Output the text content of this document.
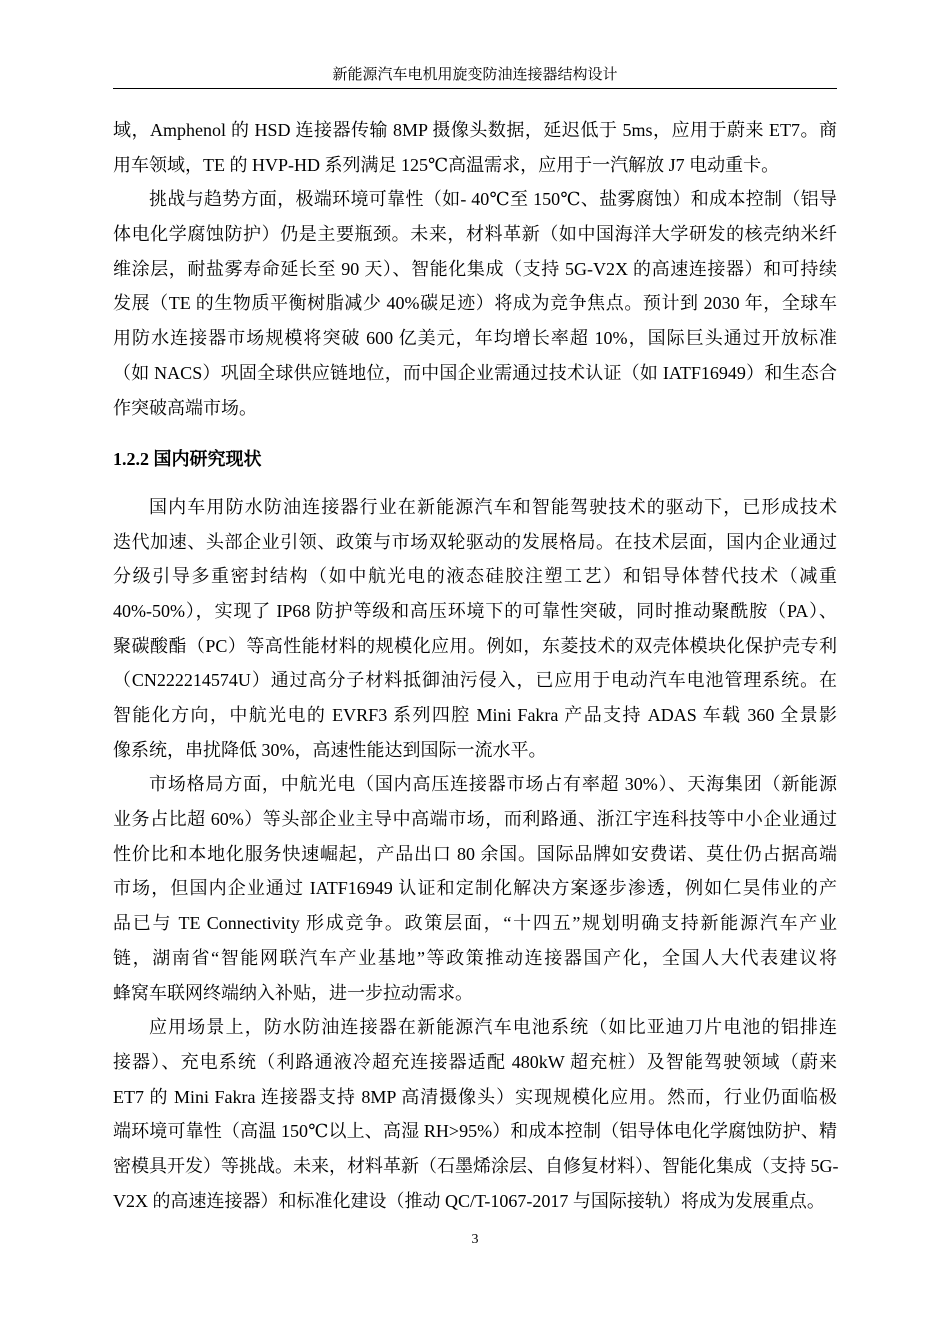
新能源汽车电机用旋变防油连接器结构设计
域，Amphenol 的 HSD 连接器传输 8MP 摄像头数据，延迟低于 5ms，应用于蔚来 ET7。商
用车领域，TE 的 HVP-HD 系列满足 125℃高温需求，应用于一汽解放 J7 电动重卡。
挑战与趋势方面，极端环境可靠性（如- 40℃至 150℃、盐雾腐蚀）和成本控制（铝导
体电化学腐蚀防护）仍是主要瓶颈。未来，材料革新（如中国海洋大学研发的核壳纳米纤
维涂层，耐盐雾寿命延长至 90 天）、智能化集成（支持 5G-V2X 的高速连接器）和可持续
发展（TE 的生物质平衡树脂减少 40%碳足迹）将成为竞争焦点。预计到 2030 年，全球车
用防水连接器市场规模将突破 600 亿美元，年均增长率超 10%，国际巨头通过开放标准
（如 NACS）巩固全球供应链地位，而中国企业需通过技术认证（如 IATF16949）和生态合
作突破高端市场。
1.2.2 国内研究现状
国内车用防水防油连接器行业在新能源汽车和智能驾驶技术的驱动下，已形成技术
迭代加速、头部企业引领、政策与市场双轮驱动的发展格局。在技术层面，国内企业通过
分级引导多重密封结构（如中航光电的液态硅胶注塑工艺）和铝导体替代技术（减重
40%-50%），实现了 IP68 防护等级和高压环境下的可靠性突破，同时推动聚酰胺（PA）、
聚碳酸酯（PC）等高性能材料的规模化应用。例如，东菱技术的双壳体模块化保护壳专利
（CN222214574U）通过高分子材料抵御油污侵入，已应用于电动汽车电池管理系统。在
智能化方向，中航光电的 EVRF3 系列四腔 Mini Fakra 产品支持 ADAS 车载 360 全景影
像系统，串扰降低 30%，高速性能达到国际一流水平。
市场格局方面，中航光电（国内高压连接器市场占有率超 30%）、天海集团（新能源
业务占比超 60%）等头部企业主导中高端市场，而利路通、浙江宇连科技等中小企业通过
性价比和本地化服务快速崛起，产品出口 80 余国。国际品牌如安费诺、莫仕仍占据高端
市场，但国内企业通过 IATF16949 认证和定制化解决方案逐步渗透，例如仁昊伟业的产
品已与 TE Connectivity 形成竞争。政策层面，“十四五”规划明确支持新能源汽车产业
链，湖南省“智能网联汽车产业基地”等政策推动连接器国产化，全国人大代表建议将
蜂窝车联网终端纳入补贴，进一步拉动需求。
应用场景上，防水防油连接器在新能源汽车电池系统（如比亚迪刀片电池的铝排连
接器）、充电系统（利路通液冷超充连接器适配 480kW 超充桩）及智能驾驶领域（蔚来
ET7 的 Mini Fakra 连接器支持 8MP 高清摄像头）实现规模化应用。然而，行业仍面临极
端环境可靠性（高温 150℃以上、高湿 RH>95%）和成本控制（铝导体电化学腐蚀防护、精
密模具开发）等挑战。未来，材料革新（石墨烯涂层、自修复材料）、智能化集成（支持 5G-
V2X 的高速连接器）和标准化建设（推动 QC/T-1067-2017 与国际接轨）将成为发展重点。
3
